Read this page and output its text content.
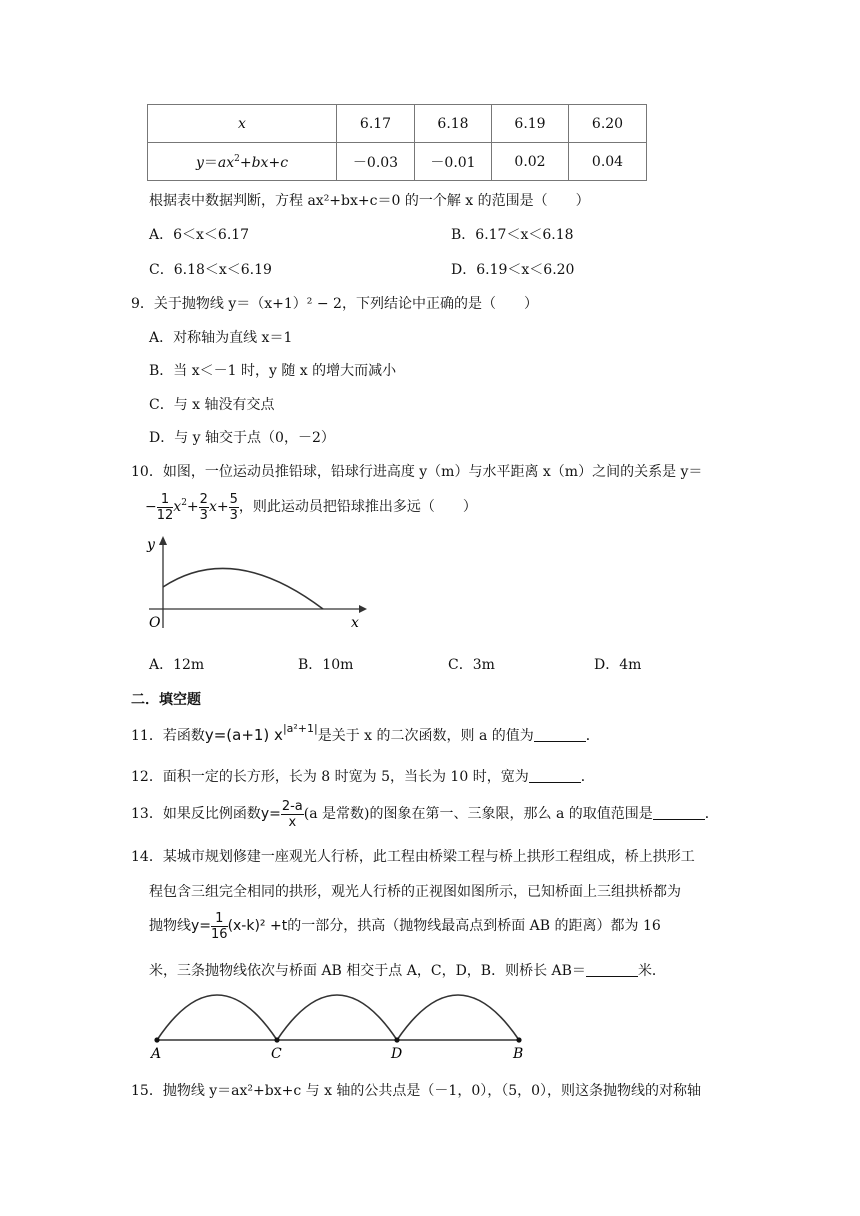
x	6.17	6.18	6.19	6.20
$y=ax^2+bx+c$	－0.03	－0.01	0.02	0.04
根据表中数据判断，方程 ax²+bx+c＝0 的一个解 x 的范围是（　　）
A．6＜x＜6.17	B．6.17＜x＜6.18
C．6.18＜x＜6.19	D．6.19＜x＜6.20
9．关于抛物线 y＝（x+1）² − 2，下列结论中正确的是（　　）
A．对称轴为直线 x＝1
B．当 x＜－1 时，y 随 x 的增大而减小
C．与 x 轴没有交点
D．与 y 轴交于点（0，－2）
10．如图，一位运动员推铅球，铅球行进高度 y（m）与水平距离 x（m）之间的关系是 y＝
− $\frac{1}{12} x^2+ \frac{2}{3} x+ \frac{5}{3}$ ，则此运动员把铅球推出多远（　　）
y
x
O
A．12m	B．10m	C．3m	D．4m
二．填空题
11．若函数y=(a+1) $x^{|a^2+1|}$是关于 x 的二次函数，则 a 的值为	．
12．面积一定的长方形，长为 8 时宽为 5，当长为 10 时，宽为	．
13．如果反比例函数$y= \frac{2-a}{x} (a$ 是常数)的图象在第一、三象限，那么 a 的取值范围是	．
14．某城市规划修建一座观光人行桥，此工程由桥梁工程与桥上拱形工程组成，桥上拱形工
程包含三组完全相同的拱形，观光人行桥的正视图如图所示，已知桥面上三组拱桥都为
抛物线$y= \frac{1}{16} (x-k)^2 +t$的一部分，拱高（抛物线最高点到桥面 AB 的距离）都为 16
米，三条抛物线依次与桥面 AB 相交于点 A，C，D，B．则桥长 AB＝	米．
A	C	D	B
15．抛物线 y＝ax²+bx+c 与 x 轴的公共点是（－1，0），（5，0），则这条抛物线的对称轴
